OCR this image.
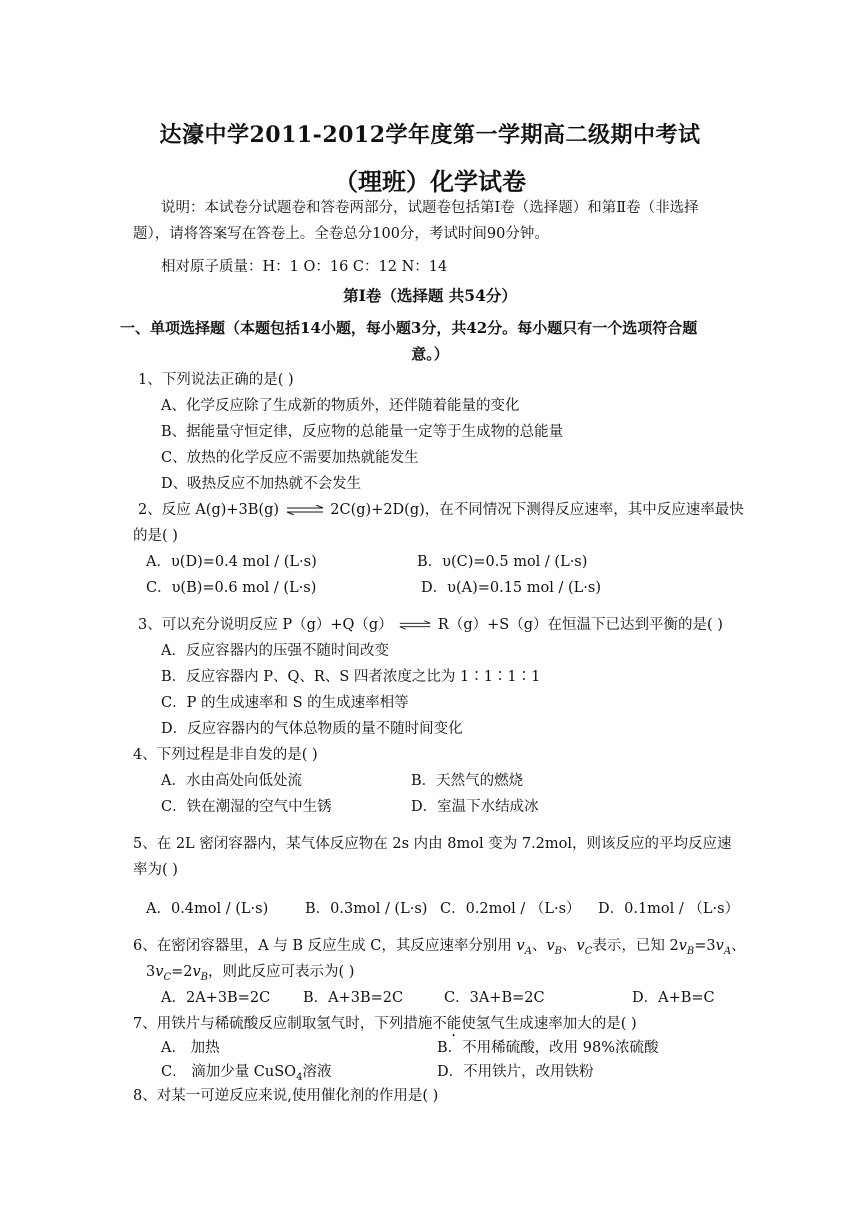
达濠中学2011-2012学年度第一学期高二级期中考试
（理班）化学试卷
说明：本试卷分试题卷和答卷两部分，试题卷包括第Ⅰ卷（选择题）和第Ⅱ卷（非选择
题），请将答案写在答卷上。全卷总分100分，考试时间90分钟。
相对原子质量：H：1 O：16 C：12 N：14
第Ⅰ卷（选择题 共54分）
一、单项选择题（本题包括14小题，每小题3分，共42分。每小题只有一个选项符合题
意。）
1、下列说法正确的是( )
A、化学反应除了生成新的物质外，还伴随着能量的变化
B、据能量守恒定律，反应物的总能量一定等于生成物的总能量
C、放热的化学反应不需要加热就能发生
D、吸热反应不加热就不会发生
2、反应 A(g)+3B(g) ⇌ 2C(g)+2D(g)，在不同情况下测得反应速率，其中反应速率最快
的是( )
A．υ(D)=0.4 mol / (L·s)	B．υ(C)=0.5 mol / (L·s)
C．υ(B)=0.6 mol / (L·s)	D．υ(A)=0.15 mol / (L·s)
3、可以充分说明反应 P（g）+Q（g） ⇌ R（g）+S（g）在恒温下已达到平衡的是( )
A．反应容器内的压强不随时间改变
B．反应容器内 P、Q、R、S 四者浓度之比为 1∶1∶1∶1
C．P 的生成速率和 S 的生成速率相等
D．反应容器内的气体总物质的量不随时间变化
4、下列过程是非自发的是( )
A．水由高处向低处流	B．天然气的燃烧
C．铁在潮湿的空气中生锈	D．室温下水结成冰
5、在 2L 密闭容器内，某气体反应物在 2s 内由 8mol 变为 7.2mol，则该反应的平均反应速
率为( )
A．0.4mol / (L·s)	B．0.3mol / (L·s) C．0.2mol / （L·s） D．0.1mol / （L·s）
6、在密闭容器里，A 与 B 反应生成 C，其反应速率分别用 $v_A$、$v_B$、$v_C$表示，已知 $2v_B=3v_A$、
$3v_C=2v_B$，则此反应可表示为( )
A．2A+3B=2C B．A+3B=2C	C．3A+B=2C	D．A+B=C
7、用铁片与稀硫酸反应制取氢气时，下列措施不能使氢气生成速率加大的是( )
A． 加热	B．不用稀硫酸，改用 98%浓硫酸
C． 滴加少量 CuSO$_4$溶液	D．不用铁片，改用铁粉
8、对某一可逆反应来说,使用催化剂的作用是( )
